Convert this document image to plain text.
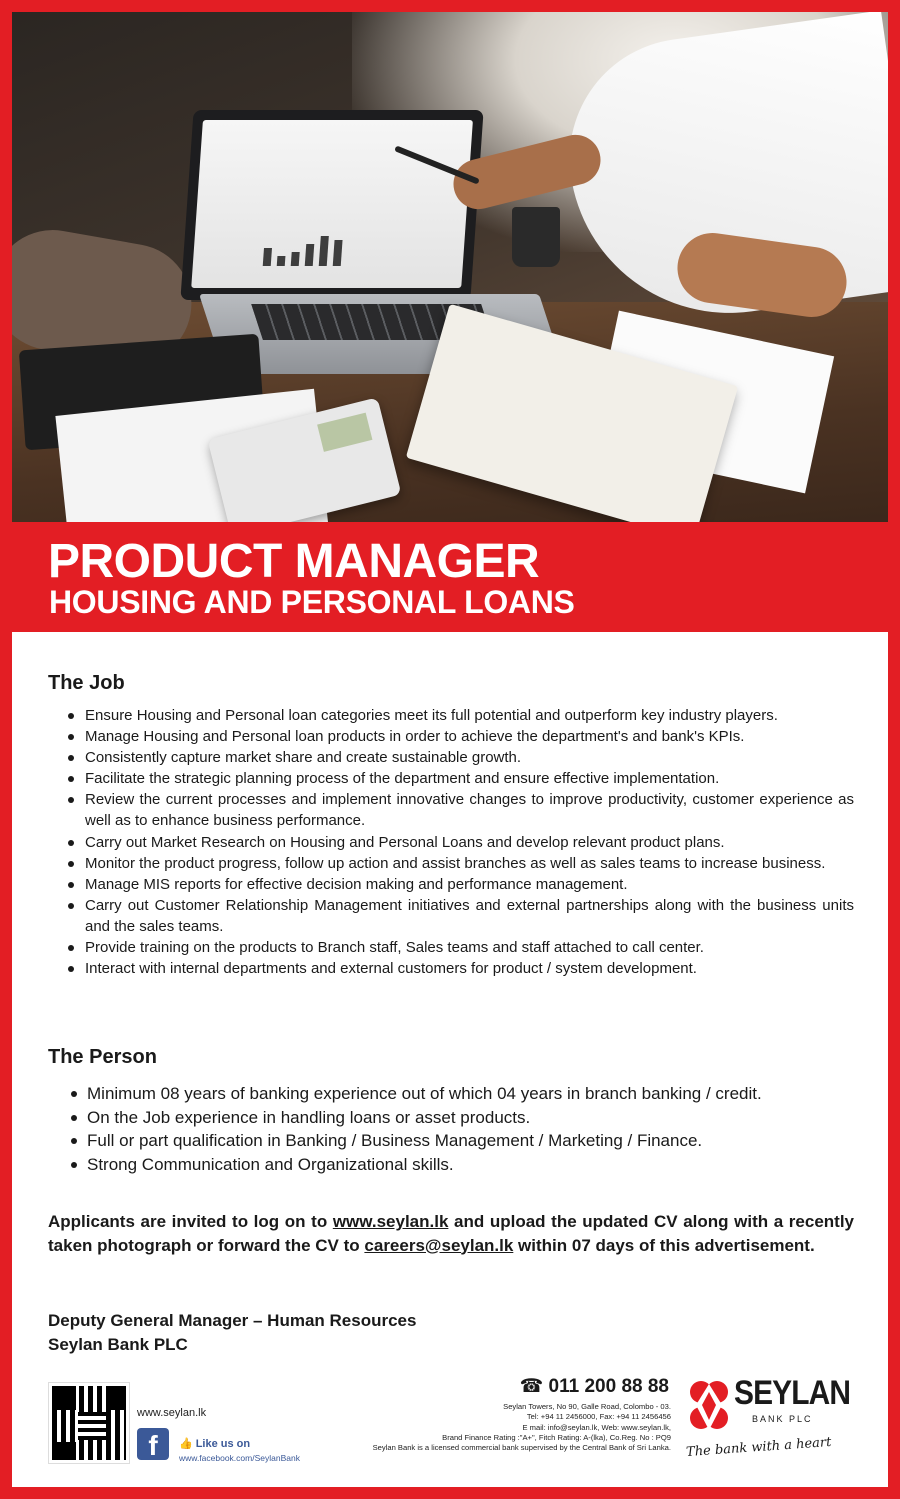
PRODUCT MANAGER
HOUSING AND PERSONAL LOANS
The Job
Ensure Housing and Personal loan categories meet its full potential and outperform key industry players.
Manage Housing and Personal loan products in order to achieve the department's and bank's KPIs.
Consistently capture market share and create sustainable growth.
Facilitate the strategic planning process of the department and ensure effective implementation.
Review the current processes and implement innovative changes to improve productivity, customer experience as well as to enhance business performance.
Carry out Market Research on Housing and Personal Loans and develop relevant product plans.
Monitor the product progress, follow up action and assist branches as well as sales teams to increase business.
Manage MIS reports for effective decision making and performance management.
Carry out Customer Relationship Management initiatives and external partnerships along with the business units and the sales teams.
Provide training on the products to Branch staff, Sales teams and staff attached to call center.
Interact with internal departments and external customers for product / system development.
The Person
Minimum 08 years of banking experience out of which 04 years in branch banking / credit.
On the Job experience in handling loans or asset products.
Full or part qualification in Banking / Business Management / Marketing / Finance.
Strong Communication and Organizational skills.
Applicants are invited to log on to www.seylan.lk and upload the updated CV along with a recently taken photograph or forward the CV to careers@seylan.lk within 07 days of this advertisement.
Deputy General Manager – Human Resources
Seylan Bank PLC
www.seylan.lk
f	👍 Like us on
www.facebook.com/SeylanBank
☎ 011 200 88 88
Seylan Towers, No 90, Galle Road, Colombo - 03.
Tel: +94 11 2456000, Fax: +94 11 2456456
E mail: info@seylan.lk, Web: www.seylan.lk,
Brand Finance Rating :"A+", Fitch Rating: A-(lka), Co.Reg. No : PQ9
Seylan Bank is a licensed commercial bank supervised by the Central Bank of Sri Lanka.
SEYLAN
BANK PLC
The bank with a heart
